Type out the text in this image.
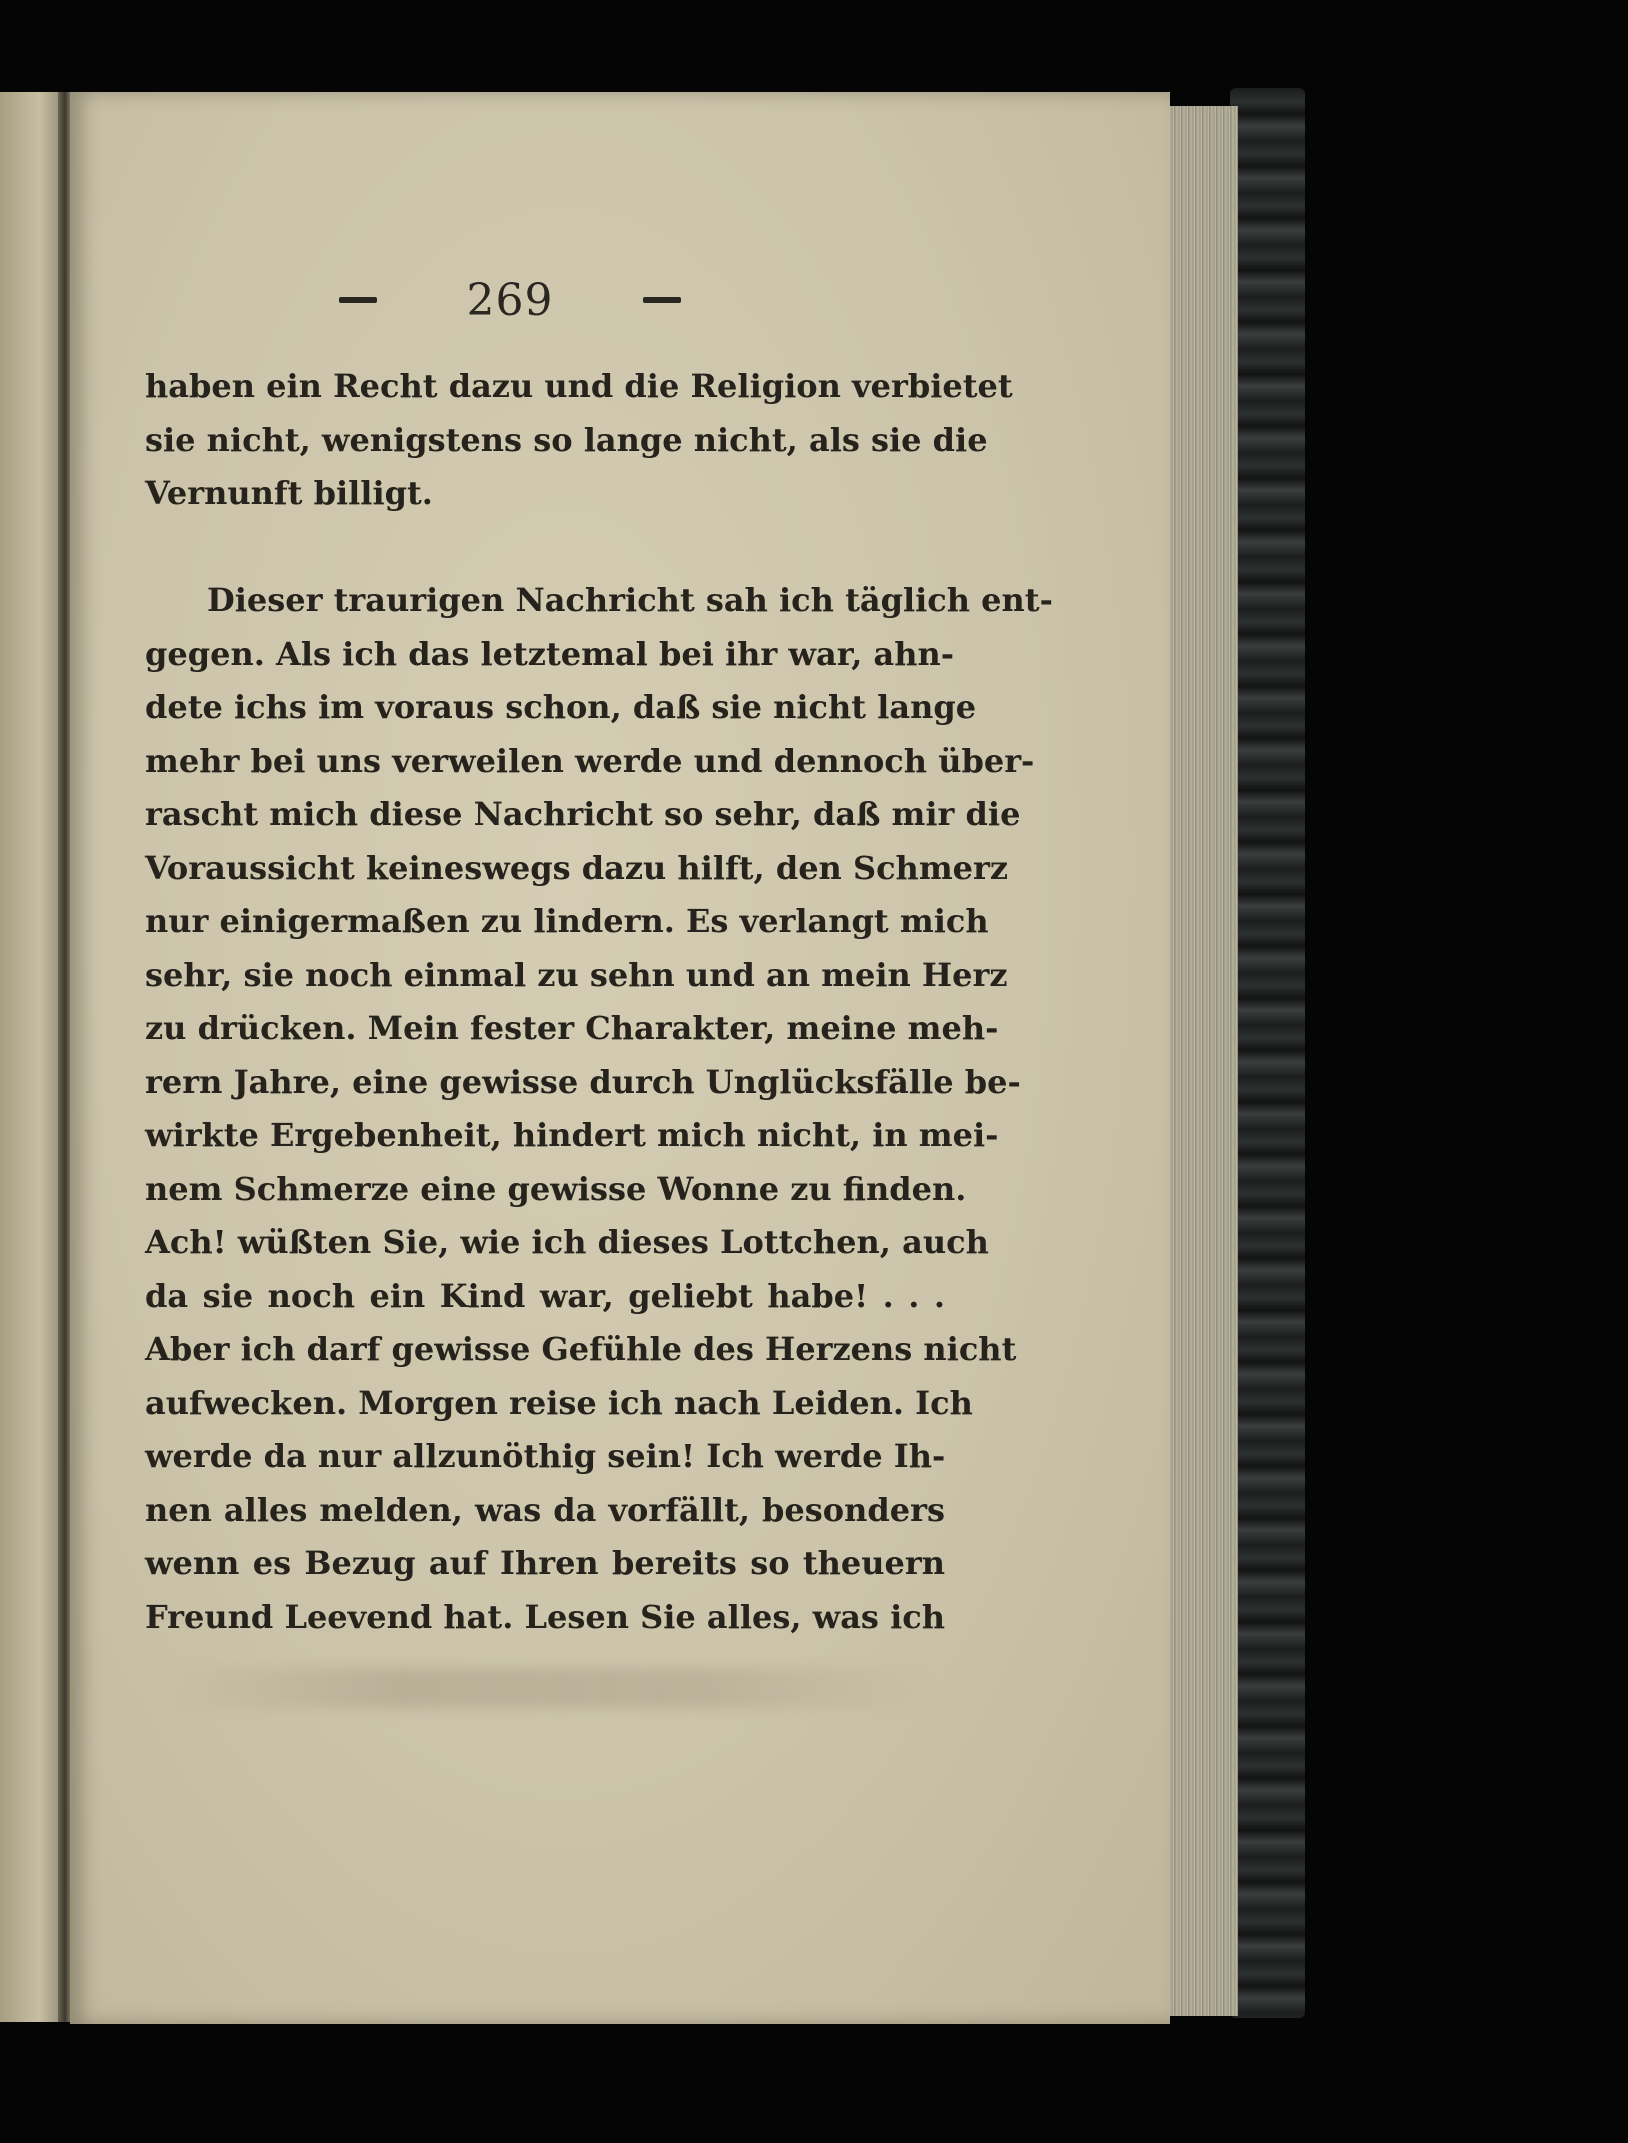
269
haben ein Recht dazu und die Religion verbietet
sie nicht, wenigstens so lange nicht, als sie die
Vernunft billigt.
Dieser traurigen Nachricht sah ich täglich ent-
gegen. Als ich das letztemal bei ihr war, ahn-
dete ichs im voraus schon, daß sie nicht lange
mehr bei uns verweilen werde und dennoch über-
rascht mich diese Nachricht so sehr, daß mir die
Voraussicht keineswegs dazu hilft, den Schmerz
nur einigermaßen zu lindern. Es verlangt mich
sehr, sie noch einmal zu sehn und an mein Herz
zu drücken. Mein fester Charakter, meine meh-
rern Jahre, eine gewisse durch Unglücksfälle be-
wirkte Ergebenheit, hindert mich nicht, in mei-
nem Schmerze eine gewisse Wonne zu finden.
Ach! wüßten Sie, wie ich dieses Lottchen, auch
da sie noch ein Kind war, geliebt habe! . . .
Aber ich darf gewisse Gefühle des Herzens nicht
aufwecken. Morgen reise ich nach Leiden. Ich
werde da nur allzunöthig sein! Ich werde Ih-
nen alles melden, was da vorfällt, besonders
wenn es Bezug auf Ihren bereits so theuern
Freund Leevend hat. Lesen Sie alles, was ich
